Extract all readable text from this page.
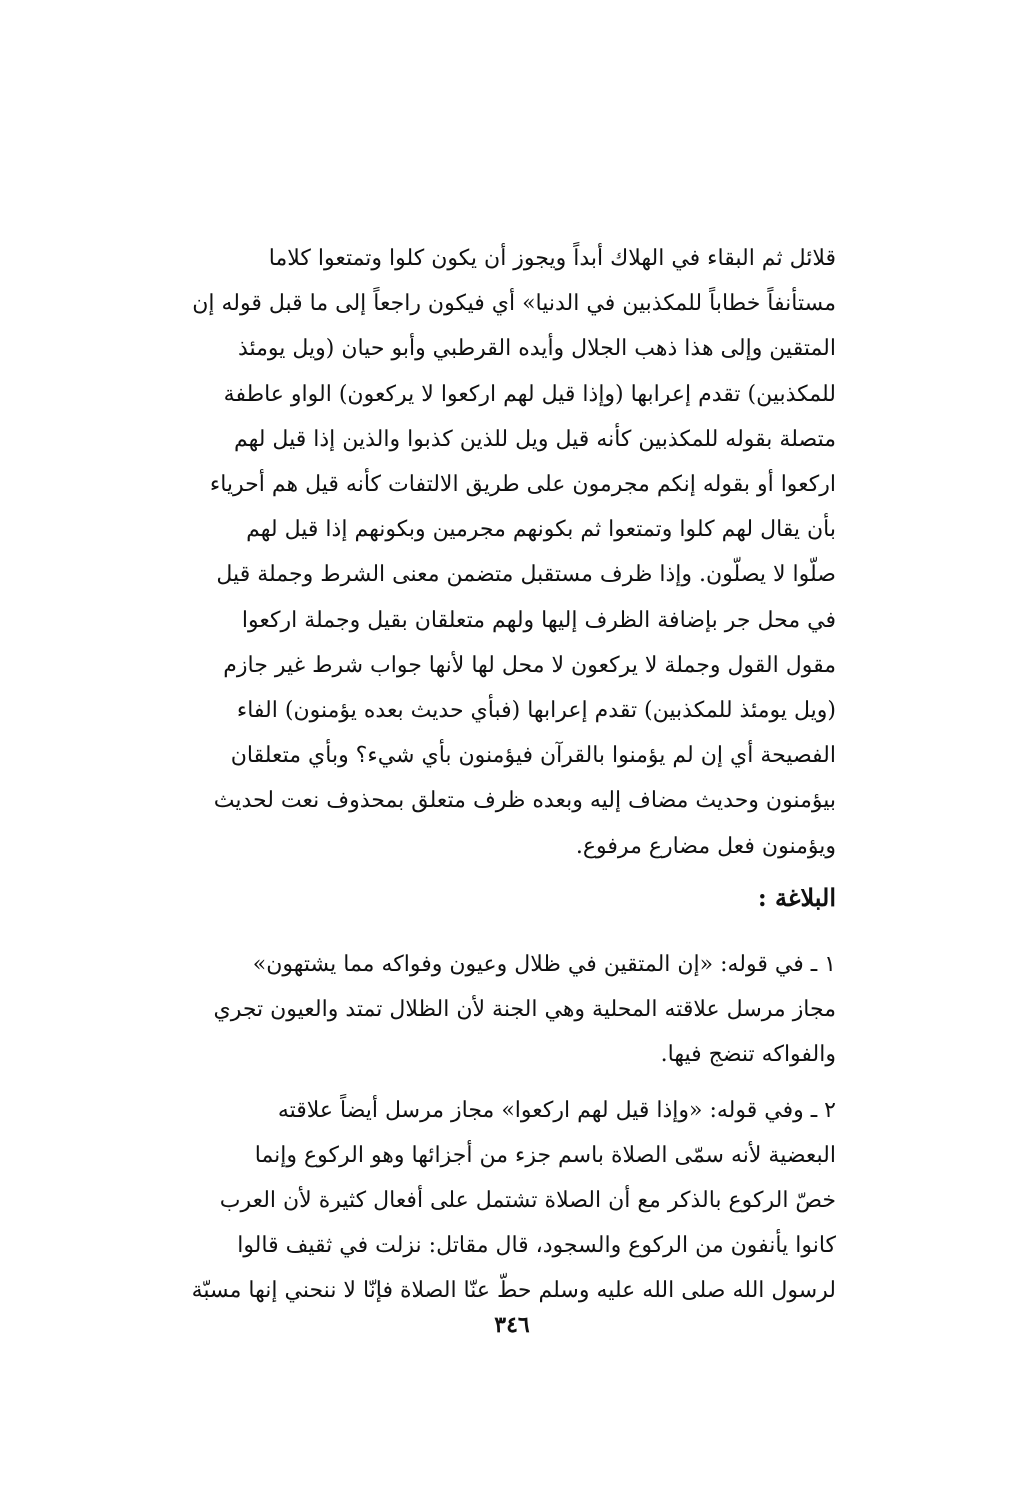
قلائل ثم البقاء في الهلاك أبداً ويجوز أن يكون كلوا وتمتعوا كلاما
مستأنفاً خطاباً للمكذبين في الدنيا» أي فيكون راجعاً إلى ما قبل قوله إن
المتقين وإلى هذا ذهب الجلال وأيده القرطبي وأبو حيان (ويل يومئذ
للمكذبين) تقدم إعرابها (وإذا قيل لهم اركعوا لا يركعون) الواو عاطفة
متصلة بقوله للمكذبين كأنه قيل ويل للذين كذبوا والذين إذا قيل لهم
اركعوا أو بقوله إنكم مجرمون على طريق الالتفات كأنه قيل هم أحرياء
بأن يقال لهم كلوا وتمتعوا ثم بكونهم مجرمين وبكونهم إذا قيل لهم
صلّوا لا يصلّون. وإذا ظرف مستقبل متضمن معنى الشرط وجملة قيل
في محل جر بإضافة الظرف إليها ولهم متعلقان بقيل وجملة اركعوا
مقول القول وجملة لا يركعون لا محل لها لأنها جواب شرط غير جازم
(ويل يومئذ للمكذبين) تقدم إعرابها (فبأي حديث بعده يؤمنون) الفاء
الفصيحة أي إن لم يؤمنوا بالقرآن فيؤمنون بأي شيء؟ وبأي متعلقان
بيؤمنون وحديث مضاف إليه وبعده ظرف متعلق بمحذوف نعت لحديث
ويؤمنون فعل مضارع مرفوع.
البلاغة :
١ ـ في قوله: «إن المتقين في ظلال وعيون وفواكه مما يشتهون»
مجاز مرسل علاقته المحلية وهي الجنة لأن الظلال تمتد والعيون تجري
والفواكه تنضج فيها.
٢ ـ وفي قوله: «وإذا قيل لهم اركعوا» مجاز مرسل أيضاً علاقته
البعضية لأنه سمّى الصلاة باسم جزء من أجزائها وهو الركوع وإنما
خصّ الركوع بالذكر مع أن الصلاة تشتمل على أفعال كثيرة لأن العرب
كانوا يأنفون من الركوع والسجود، قال مقاتل: نزلت في ثقيف قالوا
لرسول الله صلى الله عليه وسلم حطّ عنّا الصلاة فإنّا لا ننحني إنها مسبّة
٣٤٦
